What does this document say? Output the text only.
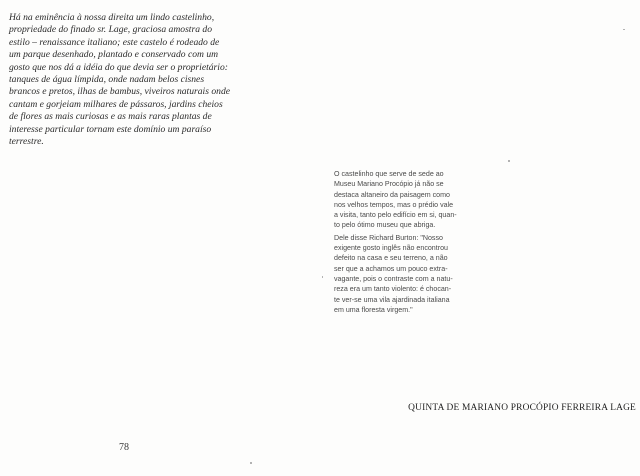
Há na eminência à nossa direita um lindo castelinho,
propriedade do finado sr. Lage, graciosa amostra do
estilo – renaissance italiano; este castelo é rodeado de
um parque desenhado, plantado e conservado com um
gosto que nos dá a idéia do que devia ser o proprietário:
tanques de água límpida, onde nadam belos cisnes
brancos e pretos, ilhas de bambus, viveiros naturais onde
cantam e gorjeiam milhares de pássaros, jardins cheios
de flores as mais curiosas e as mais raras plantas de
interesse particular tornam este domínio um paraíso
terrestre.

O castelinho que serve de sede ao
Museu Mariano Procópio já não se
destaca altaneiro da paisagem como
nos velhos tempos, mas o prédio vale
a visita, tanto pelo edifício em si, quan-
to pelo ótimo museu que abriga.

Dele disse Richard Burton: "Nosso
exigente gosto inglês não encontrou
defeito na casa e seu terreno, a não
ser que a achamos um pouco extra-
vagante, pois o contraste com a natu-
reza era um tanto violento: é chocan-
te ver-se uma vila ajardinada italiana
em uma floresta virgem."

QUINTA DE MARIANO PROCÓPIO FERREIRA LAGE
78
